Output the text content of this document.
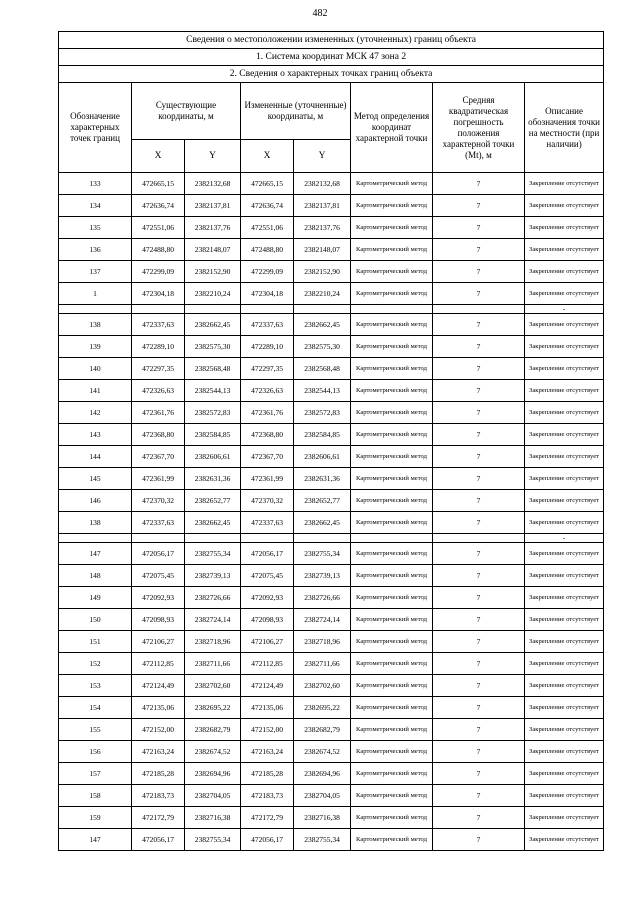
482
Сведения о местоположении измененных (уточненных) границ объекта							
1. Система координат МСК 47 зона 2							
2. Сведения о характерных точках границ объекта							
Обозначение характерных точек границ	Существующие координаты, м		Измененные (уточненные) координаты, м		Метод определения координат характерной точки	Средняя квадратическая погрешность положения характерной точки (Mt), м	Описание обозначения точки на местности (при наличии)
	X	Y	X	Y			
133	472665,15	2382132,68	472665,15	2382132,68	Картометрический метод	7	Закрепление отсутствует
134	472636,74	2382137,81	472636,74	2382137,81	Картометрический метод	7	Закрепление отсутствует
135	472551,06	2382137,76	472551,06	2382137,76	Картометрический метод	7	Закрепление отсутствует
136	472488,80	2382148,07	472488,80	2382148,07	Картометрический метод	7	Закрепление отсутствует
137	472299,09	2382152,90	472299,09	2382152,90	Картометрический метод	7	Закрепление отсутствует
1	472304,18	2382210,24	472304,18	2382210,24	Картометрический метод	7	Закрепление отсутствует
							-
138	472337,63	2382662,45	472337,63	2382662,45	Картометрический метод	7	Закрепление отсутствует
139	472289,10	2382575,30	472289,10	2382575,30	Картометрический метод	7	Закрепление отсутствует
140	472297,35	2382568,48	472297,35	2382568,48	Картометрический метод	7	Закрепление отсутствует
141	472326,63	2382544,13	472326,63	2382544,13	Картометрический метод	7	Закрепление отсутствует
142	472361,76	2382572,83	472361,76	2382572,83	Картометрический метод	7	Закрепление отсутствует
143	472368,80	2382584,85	472368,80	2382584,85	Картометрический метод	7	Закрепление отсутствует
144	472367,70	2382606,61	472367,70	2382606,61	Картометрический метод	7	Закрепление отсутствует
145	472361,99	2382631,36	472361,99	2382631,36	Картометрический метод	7	Закрепление отсутствует
146	472370,32	2382652,77	472370,32	2382652,77	Картометрический метод	7	Закрепление отсутствует
138	472337,63	2382662,45	472337,63	2382662,45	Картометрический метод	7	Закрепление отсутствует
							-
147	472056,17	2382755,34	472056,17	2382755,34	Картометрический метод	7	Закрепление отсутствует
148	472075,45	2382739,13	472075,45	2382739,13	Картометрический метод	7	Закрепление отсутствует
149	472092,93	2382726,66	472092,93	2382726,66	Картометрический метод	7	Закрепление отсутствует
150	472098,93	2382724,14	472098,93	2382724,14	Картометрический метод	7	Закрепление отсутствует
151	472106,27	2382718,96	472106,27	2382718,96	Картометрический метод	7	Закрепление отсутствует
152	472112,85	2382711,66	472112,85	2382711,66	Картометрический метод	7	Закрепление отсутствует
153	472124,49	2382702,60	472124,49	2382702,60	Картометрический метод	7	Закрепление отсутствует
154	472135,06	2382695,22	472135,06	2382695,22	Картометрический метод	7	Закрепление отсутствует
155	472152,00	2382682,79	472152,00	2382682,79	Картометрический метод	7	Закрепление отсутствует
156	472163,24	2382674,52	472163,24	2382674,52	Картометрический метод	7	Закрепление отсутствует
157	472185,28	2382694,96	472185,28	2382694,96	Картометрический метод	7	Закрепление отсутствует
158	472183,73	2382704,05	472183,73	2382704,05	Картометрический метод	7	Закрепление отсутствует
159	472172,79	2382716,38	472172,79	2382716,38	Картометрический метод	7	Закрепление отсутствует
147	472056,17	2382755,34	472056,17	2382755,34	Картометрический метод	7	Закрепление отсутствует
